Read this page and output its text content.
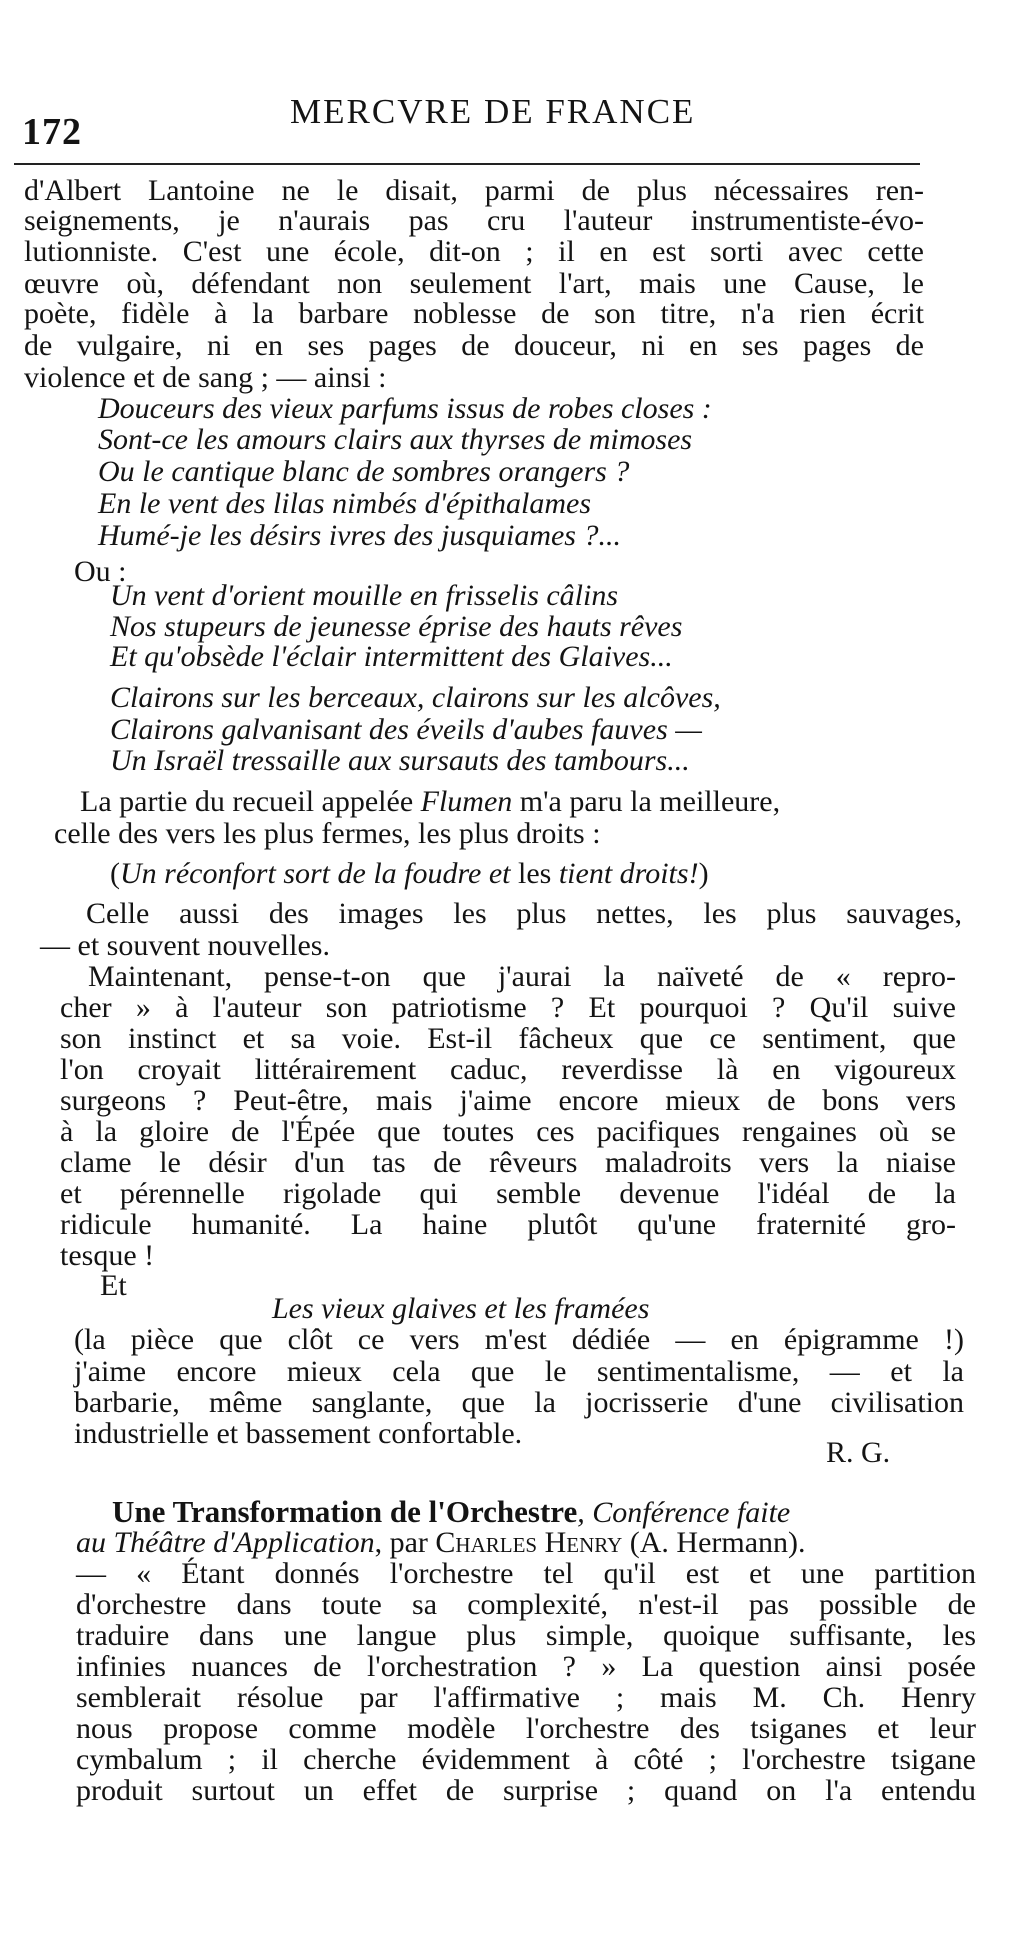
172	MERCVRE DE FRANCE
d'Albert Lantoine ne le disait, parmi de plus nécessaires ren-
seignements, je n'aurais pas cru l'auteur instrumentiste-évo-
lutionniste. C'est une école, dit-on ; il en est sorti avec cette
œuvre où, défendant non seulement l'art, mais une Cause, le
poète, fidèle à la barbare noblesse de son titre, n'a rien écrit
de vulgaire, ni en ses pages de douceur, ni en ses pages de
violence et de sang ; — ainsi :
Douceurs des vieux parfums issus de robes closes :
Sont-ce les amours clairs aux thyrses de mimoses
Ou le cantique blanc de sombres orangers ?
En le vent des lilas nimbés d'épithalames
Humé-je les désirs ivres des jusquiames ?...
Ou :
Un vent d'orient mouille en frisselis câlins
Nos stupeurs de jeunesse éprise des hauts rêves
Et qu'obsède l'éclair intermittent des Glaives...
Clairons sur les berceaux, clairons sur les alcôves,
Clairons galvanisant des éveils d'aubes fauves —
Un Israël tressaille aux sursauts des tambours...
La partie du recueil appelée Flumen m'a paru la meilleure,
celle des vers les plus fermes, les plus droits :
(Un réconfort sort de la foudre et les tient droits!)
Celle aussi des images les plus nettes, les plus sauvages,
— et souvent nouvelles.
Maintenant, pense-t-on que j'aurai la naïveté de « repro-
cher » à l'auteur son patriotisme ? Et pourquoi ? Qu'il suive
son instinct et sa voie. Est-il fâcheux que ce sentiment, que
l'on croyait littérairement caduc, reverdisse là en vigoureux
surgeons ? Peut-être, mais j'aime encore mieux de bons vers
à la gloire de l'Épée que toutes ces pacifiques rengaines où se
clame le désir d'un tas de rêveurs maladroits vers la niaise
et pérennelle rigolade qui semble devenue l'idéal de la
ridicule humanité. La haine plutôt qu'une fraternité gro-
tesque !
Et
Les vieux glaives et les framées
(la pièce que clôt ce vers m'est dédiée — en épigramme !)
j'aime encore mieux cela que le sentimentalisme, — et la
barbarie, même sanglante, que la jocrisserie d'une civilisation
industrielle et bassement confortable.
R. G.
Une Transformation de l'Orchestre, Conférence faite
au Théâtre d'Application, par Charles Henry (A. Hermann).
— « Étant donnés l'orchestre tel qu'il est et une partition
d'orchestre dans toute sa complexité, n'est-il pas possible de
traduire dans une langue plus simple, quoique suffisante, les
infinies nuances de l'orchestration ? » La question ainsi posée
semblerait résolue par l'affirmative ; mais M. Ch. Henry
nous propose comme modèle l'orchestre des tsiganes et leur
cymbalum ; il cherche évidemment à côté ; l'orchestre tsigane
produit surtout un effet de surprise ; quand on l'a entendu
